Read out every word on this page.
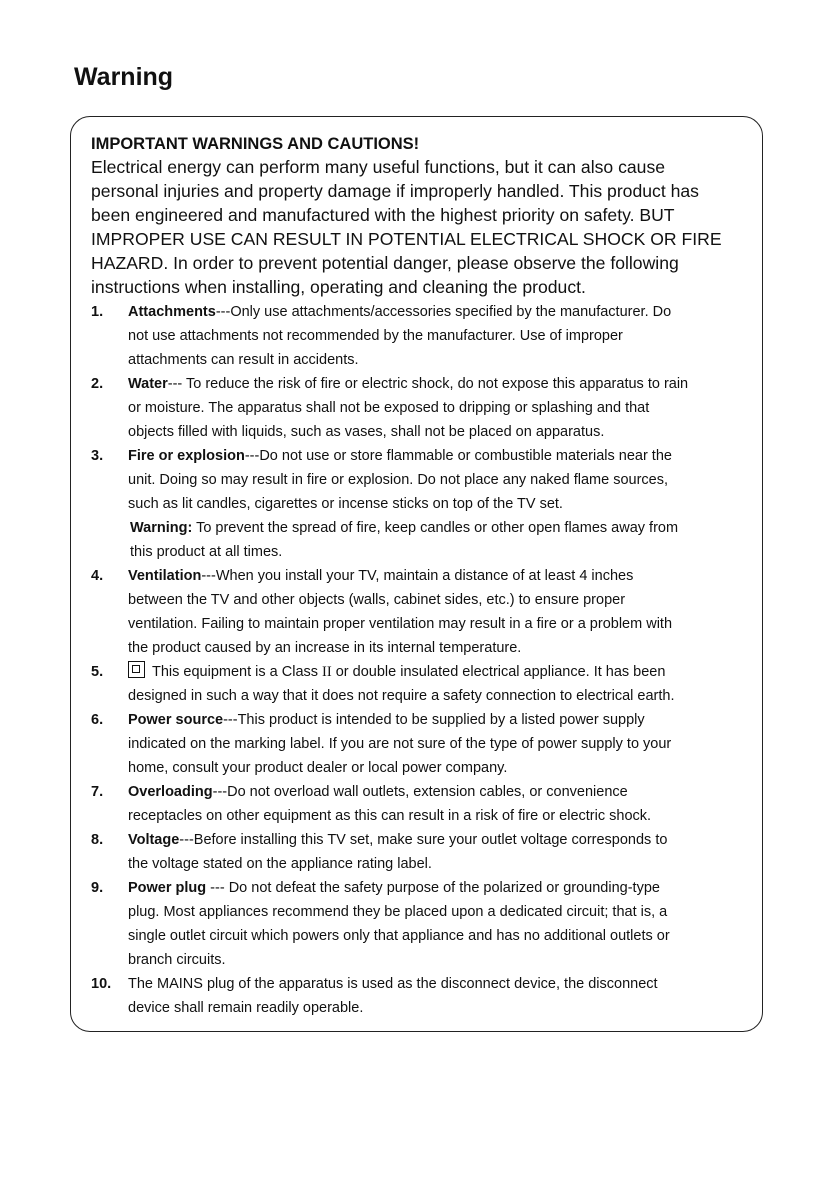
Warning
IMPORTANT WARNINGS AND CAUTIONS!
Electrical energy can perform many useful functions, but it can also cause
personal injuries and property damage if improperly handled. This product has
been engineered and manufactured with the highest priority on safety. BUT
IMPROPER USE CAN RESULT IN POTENTIAL ELECTRICAL SHOCK OR FIRE
HAZARD. In order to prevent potential danger, please observe the following
instructions when installing, operating and cleaning the product.
1. Attachments---Only use attachments/accessories specified by the manufacturer. Do
not use attachments not recommended by the manufacturer. Use of improper
attachments can result in accidents.
2. Water--- To reduce the risk of fire or electric shock, do not expose this apparatus to rain
or moisture. The apparatus shall not be exposed to dripping or splashing and that
objects filled with liquids, such as vases, shall not be placed on apparatus.
3. Fire or explosion---Do not use or store flammable or combustible materials near the
unit. Doing so may result in fire or explosion. Do not place any naked flame sources,
such as lit candles, cigarettes or incense sticks on top of the TV set.
Warning: To prevent the spread of fire, keep candles or other open flames away from
this product at all times.
4. Ventilation---When you install your TV, maintain a distance of at least 4 inches
between the TV and other objects (walls, cabinet sides, etc.) to ensure proper
ventilation. Failing to maintain proper ventilation may result in a fire or a problem with
the product caused by an increase in its internal temperature.
5.	This equipment is a Class II or double insulated electrical appliance. It has been
designed in such a way that it does not require a safety connection to electrical earth.
6. Power source---This product is intended to be supplied by a listed power supply
indicated on the marking label. If you are not sure of the type of power supply to your
home, consult your product dealer or local power company.
7. Overloading---Do not overload wall outlets, extension cables, or convenience
receptacles on other equipment as this can result in a risk of fire or electric shock.
8. Voltage---Before installing this TV set, make sure your outlet voltage corresponds to
the voltage stated on the appliance rating label.
9. Power plug --- Do not defeat the safety purpose of the polarized or grounding-type
plug. Most appliances recommend they be placed upon a dedicated circuit; that is, a
single outlet circuit which powers only that appliance and has no additional outlets or
branch circuits.
10. The MAINS plug of the apparatus is used as the disconnect device, the disconnect
device shall remain readily operable.
